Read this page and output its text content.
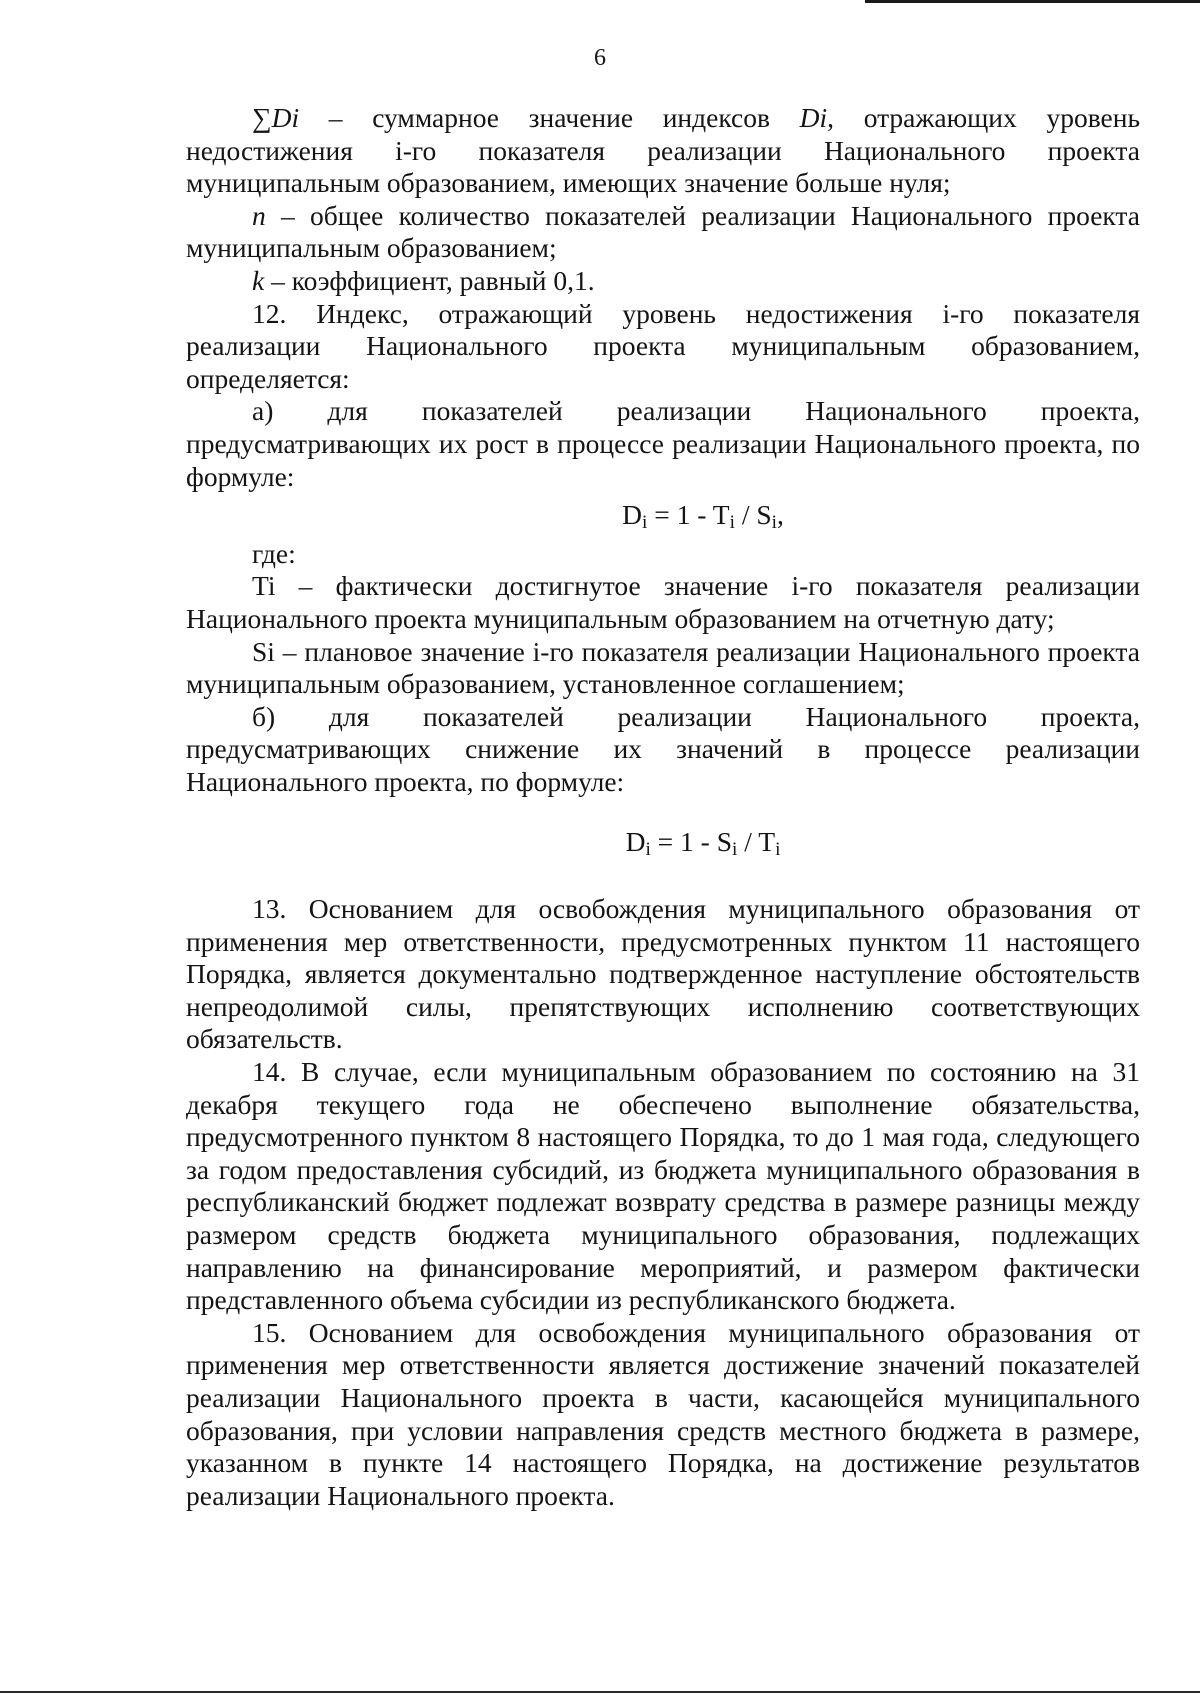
6

∑Di – суммарное значение индексов Di, отражающих уровень недостижения i-го показателя реализации Национального проекта муниципальным образованием, имеющих значение больше нуля;

n – общее количество показателей реализации Национального проекта муниципальным образованием;

k – коэффициент, равный 0,1.

12. Индекс, отражающий уровень недостижения i-го показателя реализации Национального проекта муниципальным образованием, определяется:

а) для показателей реализации Национального проекта, предусматривающих их рост в процессе реализации Национального проекта, по формуле:

$D_i = 1 - T_i / S_i$,

где:

Ti – фактически достигнутое значение i-го показателя реализации Национального проекта муниципальным образованием на отчетную дату;

Si – плановое значение i-го показателя реализации Национального проекта муниципальным образованием, установленное соглашением;

б) для показателей реализации Национального проекта, предусматривающих снижение их значений в процессе реализации Национального проекта, по формуле:

$D_i = 1 - S_i / T_i$

13. Основанием для освобождения муниципального образования от применения мер ответственности, предусмотренных пунктом 11 настоящего Порядка, является документально подтвержденное наступление обстоятельств непреодолимой силы, препятствующих исполнению соответствующих обязательств.

14. В случае, если муниципальным образованием по состоянию на 31 декабря текущего года не обеспечено выполнение обязательства, предусмотренного пунктом 8 настоящего Порядка, то до 1 мая года, следующего за годом предоставления субсидий, из бюджета муниципального образования в республиканский бюджет подлежат возврату средства в размере разницы между размером средств бюджета муниципального образования, подлежащих направлению на финансирование мероприятий, и размером фактически представленного объема субсидии из республиканского бюджета.

15. Основанием для освобождения муниципального образования от применения мер ответственности является достижение значений показателей реализации Национального проекта в части, касающейся муниципального образования, при условии направления средств местного бюджета в размере, указанном в пункте 14 настоящего Порядка, на достижение результатов реализации Национального проекта.
